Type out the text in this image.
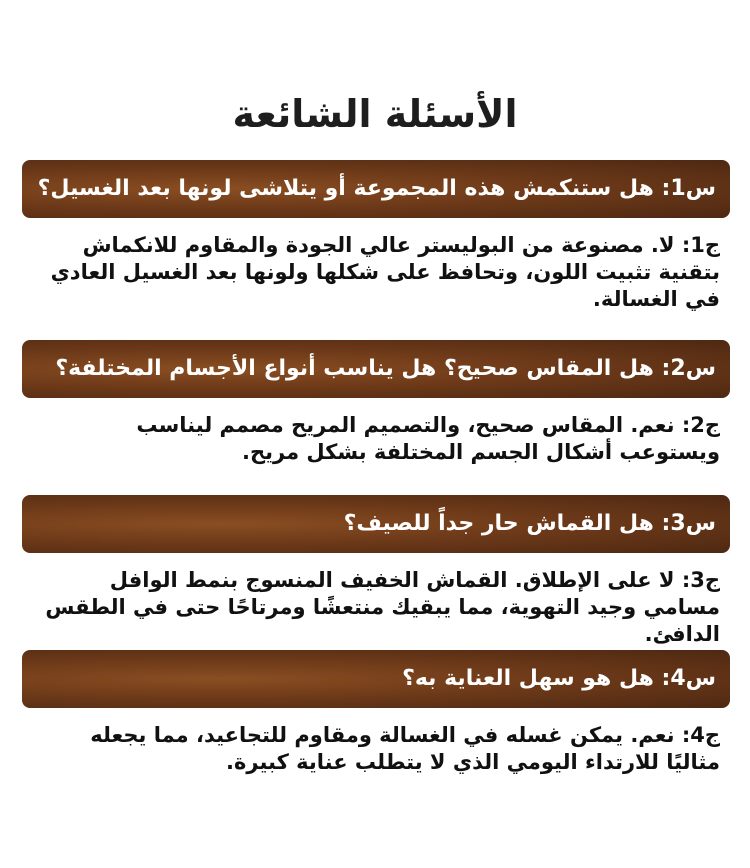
الأسئلة الشائعة
س1: هل ستنكمش هذه المجموعة أو يتلاشى لونها بعد الغسيل؟

ج1: لا. مصنوعة من البوليستر عالي الجودة والمقاوم للانكماش بتقنية تثبيت اللون، وتحافظ على شكلها ولونها بعد الغسيل العادي في الغسالة.

س2: هل المقاس صحيح؟ هل يناسب أنواع الأجسام المختلفة؟

ج2: نعم. المقاس صحيح، والتصميم المريح مصمم ليناسب ويستوعب أشكال الجسم المختلفة بشكل مريح.

س3: هل القماش حار جداً للصيف؟

ج3: لا على الإطلاق. القماش الخفيف المنسوج بنمط الوافل مسامي وجيد التهوية، مما يبقيك منتعشًا ومرتاحًا حتى في الطقس الدافئ.

س4: هل هو سهل العناية به؟

ج4: نعم. يمكن غسله في الغسالة ومقاوم للتجاعيد، مما يجعله مثاليًا للارتداء اليومي الذي لا يتطلب عناية كبيرة.
